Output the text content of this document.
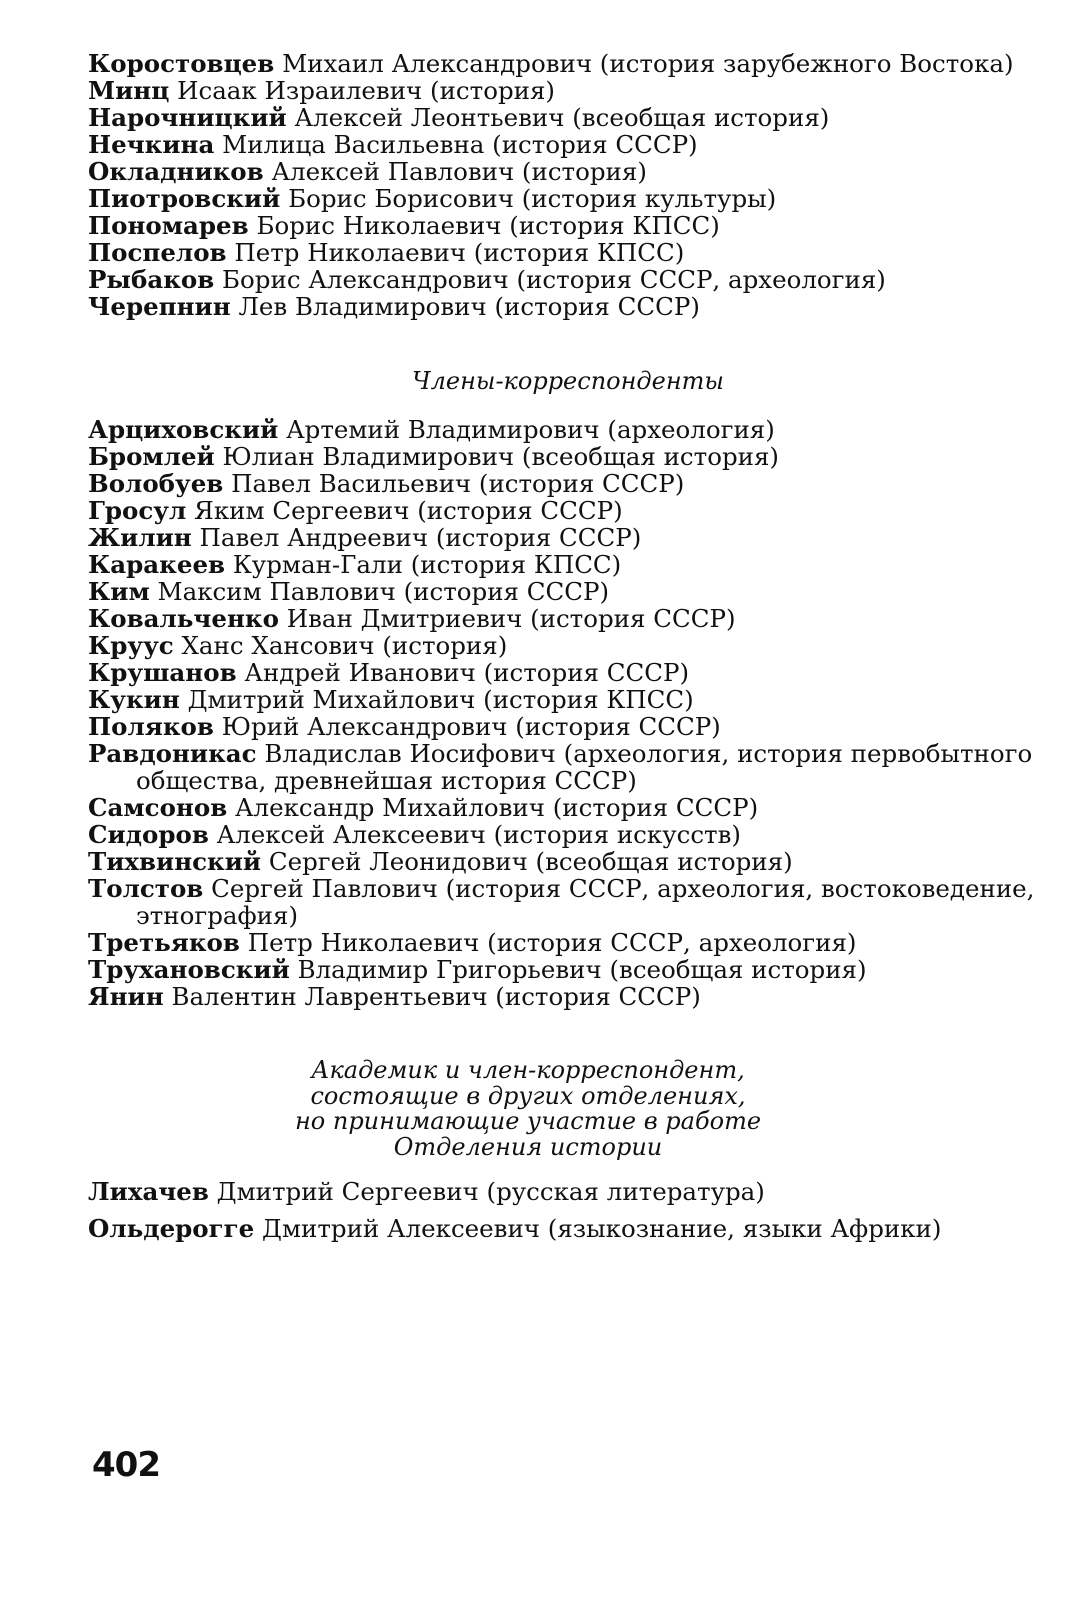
Коростовцев Михаил Александрович (история зарубежного Востока)
Минц Исаак Израилевич (история)
Нарочницкий Алексей Леонтьевич (всеобщая история)
Нечкина Милица Васильевна (история СССР)
Окладников Алексей Павлович (история)
Пиотровский Борис Борисович (история культуры)
Пономарев Борис Николаевич (история КПСС)
Поспелов Петр Николаевич (история КПСС)
Рыбаков Борис Александрович (история СССР, археология)
Черепнин Лев Владимирович (история СССР)
Члены-корреспонденты
Арциховский Артемий Владимирович (археология)
Бромлей Юлиан Владимирович (всеобщая история)
Волобуев Павел Васильевич (история СССР)
Гросул Яким Сергеевич (история СССР)
Жилин Павел Андреевич (история СССР)
Каракеев Курман-Гали (история КПСС)
Ким Максим Павлович (история СССР)
Ковальченко Иван Дмитриевич (история СССР)
Круус Ханс Хансович (история)
Крушанов Андрей Иванович (история СССР)
Кукин Дмитрий Михайлович (история КПСС)
Поляков Юрий Александрович (история СССР)
Равдоникас Владислав Иосифович (археология, история первобытного общества, древнейшая история СССР)
Самсонов Александр Михайлович (история СССР)
Сидоров Алексей Алексеевич (история искусств)
Тихвинский Сергей Леонидович (всеобщая история)
Толстов Сергей Павлович (история СССР, археология, востоковедение, этнография)
Третьяков Петр Николаевич (история СССР, археология)
Трухановский Владимир Григорьевич (всеобщая история)
Янин Валентин Лаврентьевич (история СССР)
Академик и член-корреспондент,
состоящие в других отделениях,
но принимающие участие в работе
Отделения истории
Лихачев Дмитрий Сергеевич (русская литература)
Ольдерогге Дмитрий Алексеевич (языкознание, языки Африки)
402
